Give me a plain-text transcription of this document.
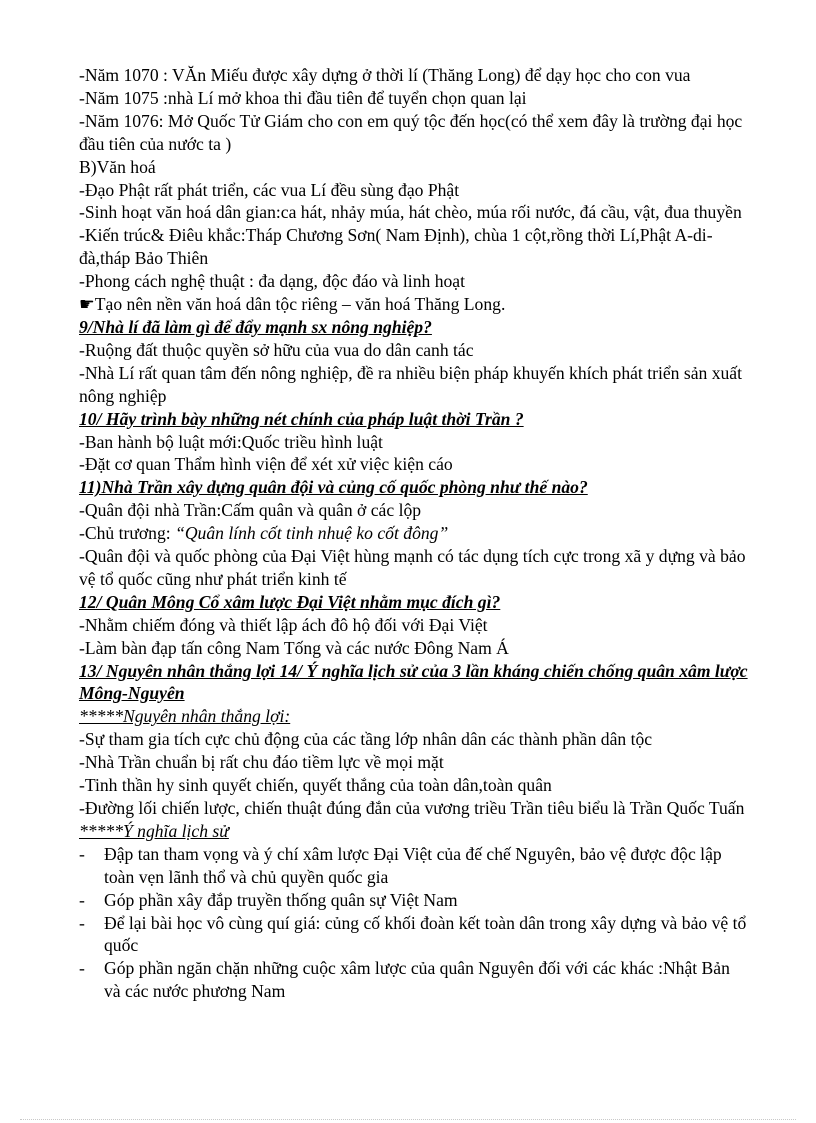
-Năm 1070 : VĂn Miếu được xây dựng ở thời lí (Thăng Long) để dạy học cho con vua

-Năm 1075 :nhà Lí mở khoa thi đầu tiên để tuyển chọn quan lại

-Năm 1076: Mở Quốc Tử Giám cho con em quý tộc đến học(có thể xem đây là trường đại học đầu tiên của nước ta )

B)Văn hoá

-Đạo Phật rất phát triển, các vua Lí đều sùng đạo Phật

-Sinh hoạt văn hoá dân gian:ca hát, nhảy múa, hát chèo, múa rối nước, đá cầu, vật, đua thuyền

-Kiến trúc& Điêu khắc:Tháp Chương Sơn( Nam Định), chùa 1 cột,rồng thời Lí,Phật A-di-đà,tháp Bảo Thiên

-Phong cách nghệ thuật : đa dạng, độc đáo và linh hoạt

☛Tạo nên nền văn hoá dân tộc riêng – văn hoá Thăng Long.

9/Nhà lí đã làm gì để đẩy mạnh sx nông nghiệp?

-Ruộng đất thuộc quyền sở hữu của vua do dân canh tác

-Nhà Lí rất quan tâm đến nông nghiệp, đề ra nhiều biện pháp khuyến khích phát triển sản xuất nông nghiệp

10/ Hãy trình bày những nét chính của pháp luật thời Trần ?

-Ban hành bộ luật mới:Quốc triều hình luật

-Đặt cơ quan Thẩm hình viện để xét xử việc kiện cáo

11)Nhà Trần xây dựng quân đội và củng cố quốc phòng như thế nào?

-Quân đội nhà Trần:Cấm quân và quân ở các lộp

-Chủ trương: “Quân lính cốt tinh nhuệ ko cốt đông”

-Quân đội và quốc phòng của Đại Việt hùng mạnh có tác dụng tích cực trong xã y dựng và bảo vệ tổ quốc cũng như phát triển kinh tế

12/ Quân Mông Cổ xâm lược Đại Việt nhằm mục đích gì?

-Nhằm chiếm đóng và thiết lập ách đô hộ đối với Đại Việt

-Làm bàn đạp tấn công Nam Tống và các nước Đông Nam Á

13/ Nguyên nhân thắng lợi 14/ Ý nghĩa lịch sử của 3 lần kháng chiến chống quân xâm lược Mông-Nguyên

*****Nguyên nhân thắng lợi:

-Sự tham gia tích cực chủ động của các tầng lớp nhân dân các thành phần dân tộc

-Nhà Trần chuẩn bị rất chu đáo tiềm lực về mọi mặt

-Tinh thần hy sinh quyết chiến, quyết thắng của toàn dân,toàn quân

-Đường lối chiến lược, chiến thuật đúng đắn của vương triều Trần tiêu biểu là Trần Quốc Tuấn

*****Ý nghĩa lịch sử

-	Đập tan tham vọng và ý chí xâm lược Đại Việt của đế chế Nguyên, bảo vệ được độc lập toàn vẹn lãnh thổ và chủ quyền quốc gia
-	Góp phần xây đắp truyền thống quân sự Việt Nam
-	Để lại bài học vô cùng quí giá: củng cố khối đoàn kết toàn dân trong xây dựng và bảo vệ tổ quốc
-	Góp phần ngăn chặn những cuộc xâm lược của quân Nguyên đối với các khác :Nhật Bản và các nước phương Nam
